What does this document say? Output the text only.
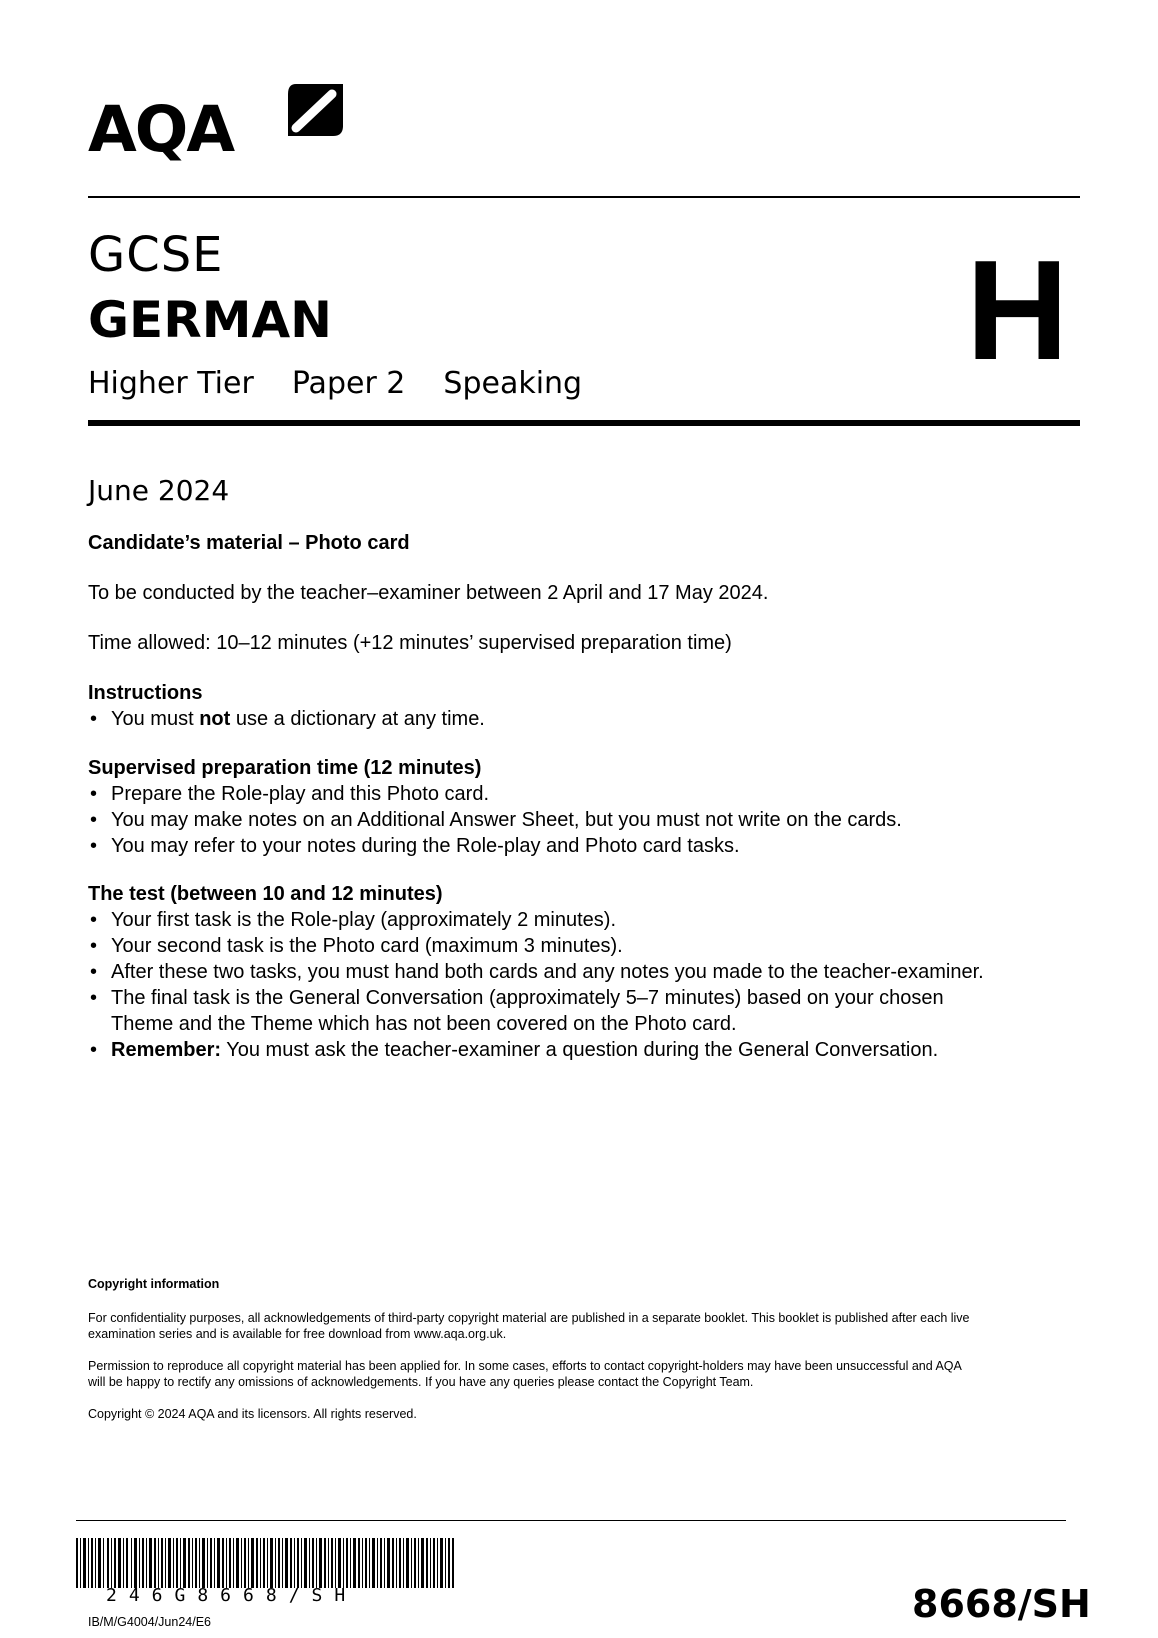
AQA
GCSE
GERMAN
Higher Tier Paper 2 Speaking	H
June 2024
Candidate’s material – Photo card
To be conducted by the teacher–examiner between 2 April and 17 May 2024.
Time allowed: 10–12 minutes (+12 minutes’ supervised preparation time)
Instructions
• You must not use a dictionary at any time.
Supervised preparation time (12 minutes)
• Prepare the Role-play and this Photo card.
• You may make notes on an Additional Answer Sheet, but you must not write on the cards.
• You may refer to your notes during the Role-play and Photo card tasks.
The test (between 10 and 12 minutes)
• Your first task is the Role-play (approximately 2 minutes).
• Your second task is the Photo card (maximum 3 minutes).
• After these two tasks, you must hand both cards and any notes you made to the teacher-examiner.
• The final task is the General Conversation (approximately 5–7 minutes) based on your chosen
Theme and the Theme which has not been covered on the Photo card.
• Remember: You must ask the teacher-examiner a question during the General Conversation.
Copyright information
For confidentiality purposes, all acknowledgements of third-party copyright material are published in a separate booklet. This booklet is published after each live
examination series and is available for free download from www.aqa.org.uk.
Permission to reproduce all copyright material has been applied for. In some cases, efforts to contact copyright-holders may have been unsuccessful and AQA
will be happy to rectify any omissions of acknowledgements. If you have any queries please contact the Copyright Team.
Copyright © 2024 AQA and its licensors. All rights reserved.
246G8668/SH
IB/M/G4004/Jun24/E6	8668/SH
